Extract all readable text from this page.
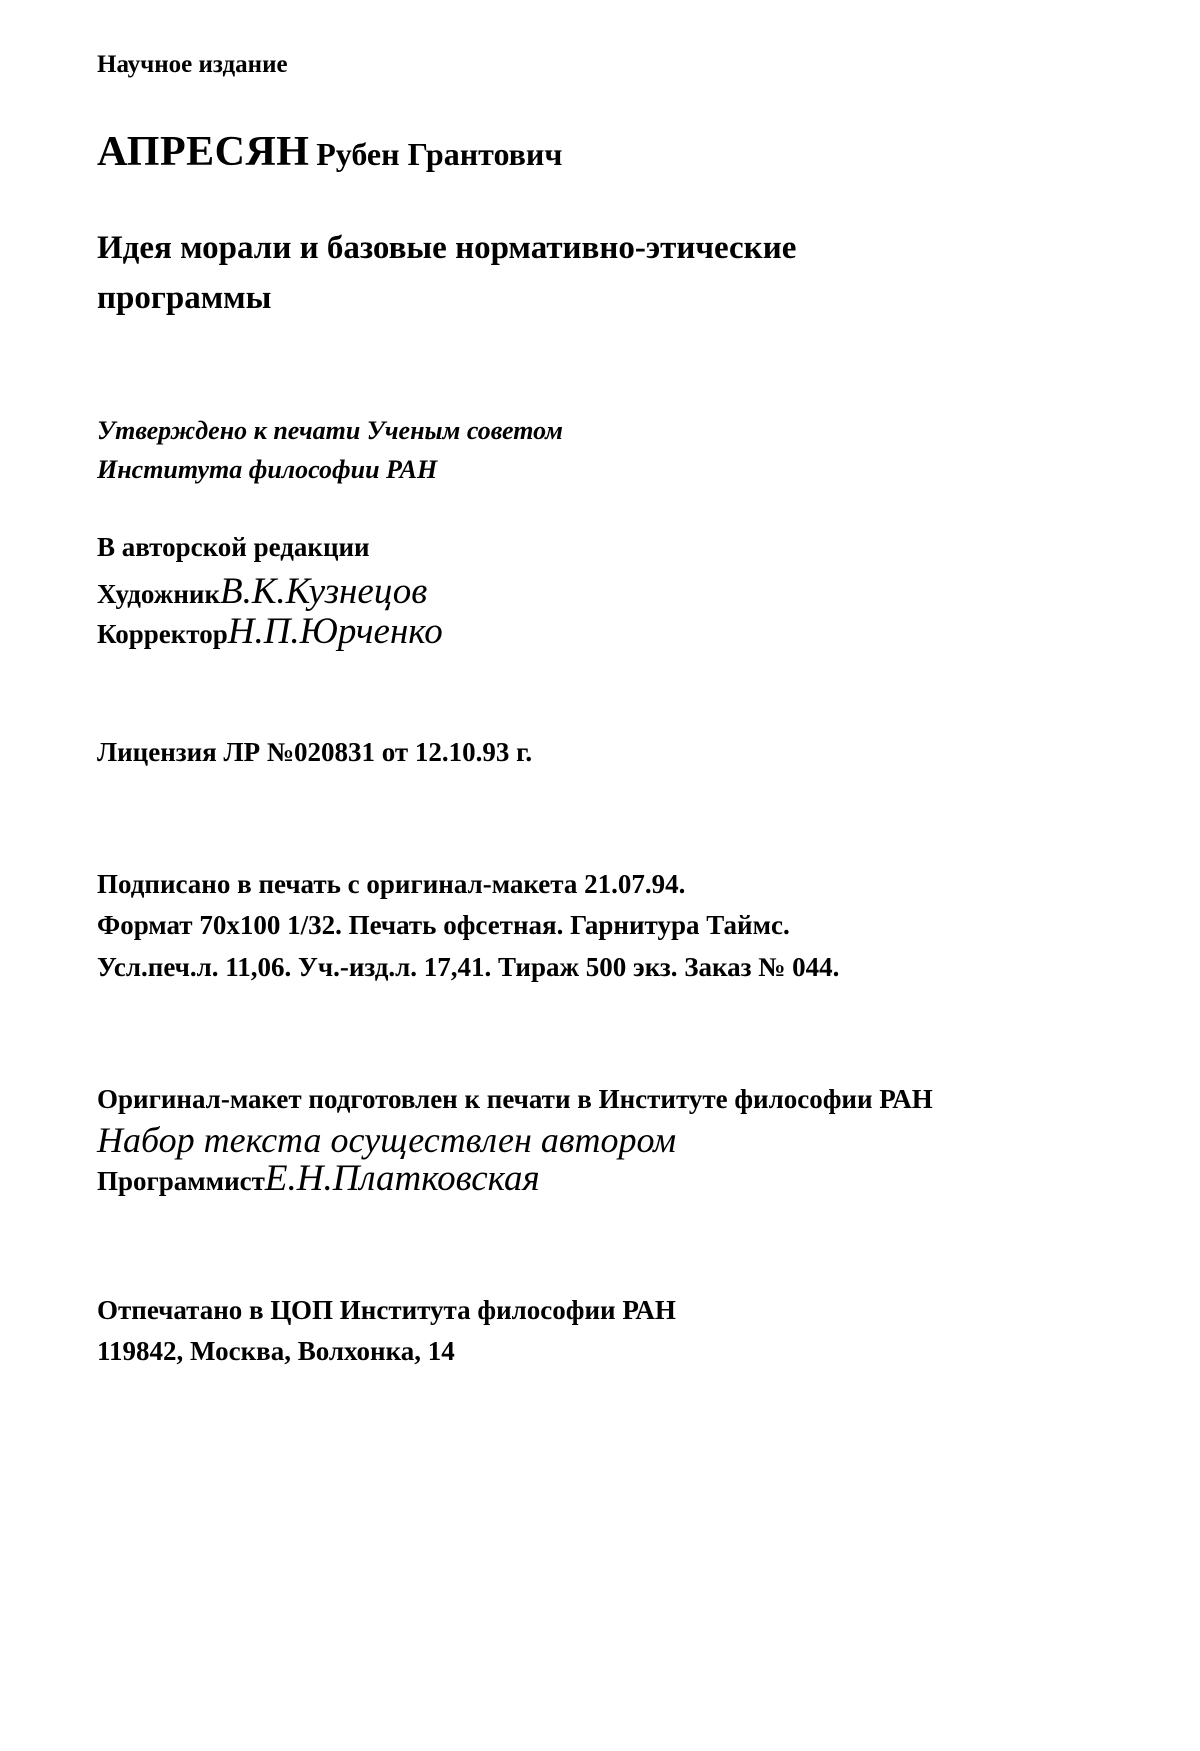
Научное издание
АПРЕСЯН Рубен Грантович
Идея морали и базовые нормативно-этические
программы
Утверждено к печати Ученым советом
Института философии РАН
В авторской редакции
ХудожникВ.К.Кузнецов
КорректорН.П.Юрченко
Лицензия ЛР №020831 от 12.10.93 г.
Подписано в печать с оригинал-макета 21.07.94.
Формат 70х100 1/32. Печать офсетная. Гарнитура Таймс.
Усл.печ.л. 11,06. Уч.-изд.л. 17,41. Тираж 500 экз. Заказ № 044.
Оригинал-макет подготовлен к печати в Институте философии РАН
Набор текста осуществлен автором
ПрограммистЕ.Н.Платковская
Отпечатано в ЦОП Института философии РАН
119842, Москва, Волхонка, 14
